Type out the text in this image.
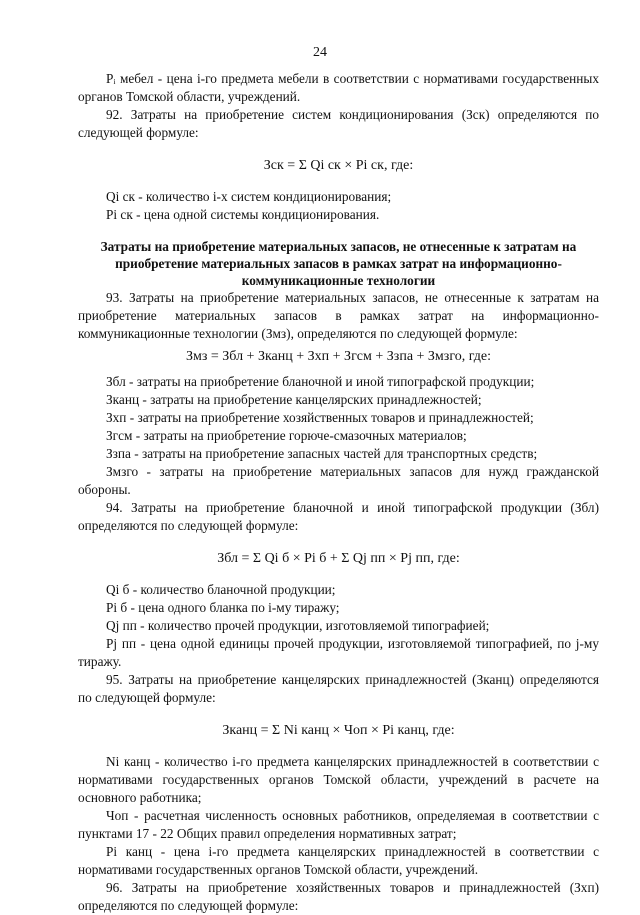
24

Pᵢ мебел - цена i-го предмета мебели в соответствии с нормативами государственных органов Томской области, учреждений.

92. Затраты на приобретение систем кондиционирования (Зск) определяются по следующей формуле:

Зск = Σ Qi ск × Pi ск, где:

Qi ск - количество i-х систем кондиционирования;

Pi ск - цена одной системы кондиционирования.

Затраты на приобретение материальных запасов, не отнесенные к затратам на приобретение материальных запасов в рамках затрат на информационно-коммуникационные технологии

93. Затраты на приобретение материальных запасов, не отнесенные к затратам на приобретение материальных запасов в рамках затрат на информационно-коммуникационные технологии (Змз), определяются по следующей формуле:

Змз = Збл + Зканц + Зхп + Згсм + Ззпа + Змзго, где:

Збл - затраты на приобретение бланочной и иной типографской продукции;

Зканц - затраты на приобретение канцелярских принадлежностей;

Зхп - затраты на приобретение хозяйственных товаров и принадлежностей;

Згсм - затраты на приобретение горюче-смазочных материалов;

Ззпа - затраты на приобретение запасных частей для транспортных средств;

Змзго - затраты на приобретение материальных запасов для нужд гражданской обороны.

94. Затраты на приобретение бланочной и иной типографской продукции (Збл) определяются по следующей формуле:

Збл = Σ Qi б × Pi б + Σ Qj пп × Pj пп, где:

Qi б - количество бланочной продукции;

Pi б - цена одного бланка по i-му тиражу;

Qj пп - количество прочей продукции, изготовляемой типографией;

Pj пп - цена одной единицы прочей продукции, изготовляемой типографией, по j-му тиражу.

95. Затраты на приобретение канцелярских принадлежностей (Зканц) определяются по следующей формуле:

Зканц = Σ Ni канц × Чоп × Pi канц, где:

Ni канц - количество i-го предмета канцелярских принадлежностей в соответствии с нормативами государственных органов Томской области, учреждений в расчете на основного работника;

Чоп - расчетная численность основных работников, определяемая в соответствии с пунктами 17 - 22 Общих правил определения нормативных затрат;

Pi канц - цена i-го предмета канцелярских принадлежностей в соответствии с нормативами государственных органов Томской области, учреждений.

96. Затраты на приобретение хозяйственных товаров и принадлежностей (Зхп) определяются по следующей формуле:
